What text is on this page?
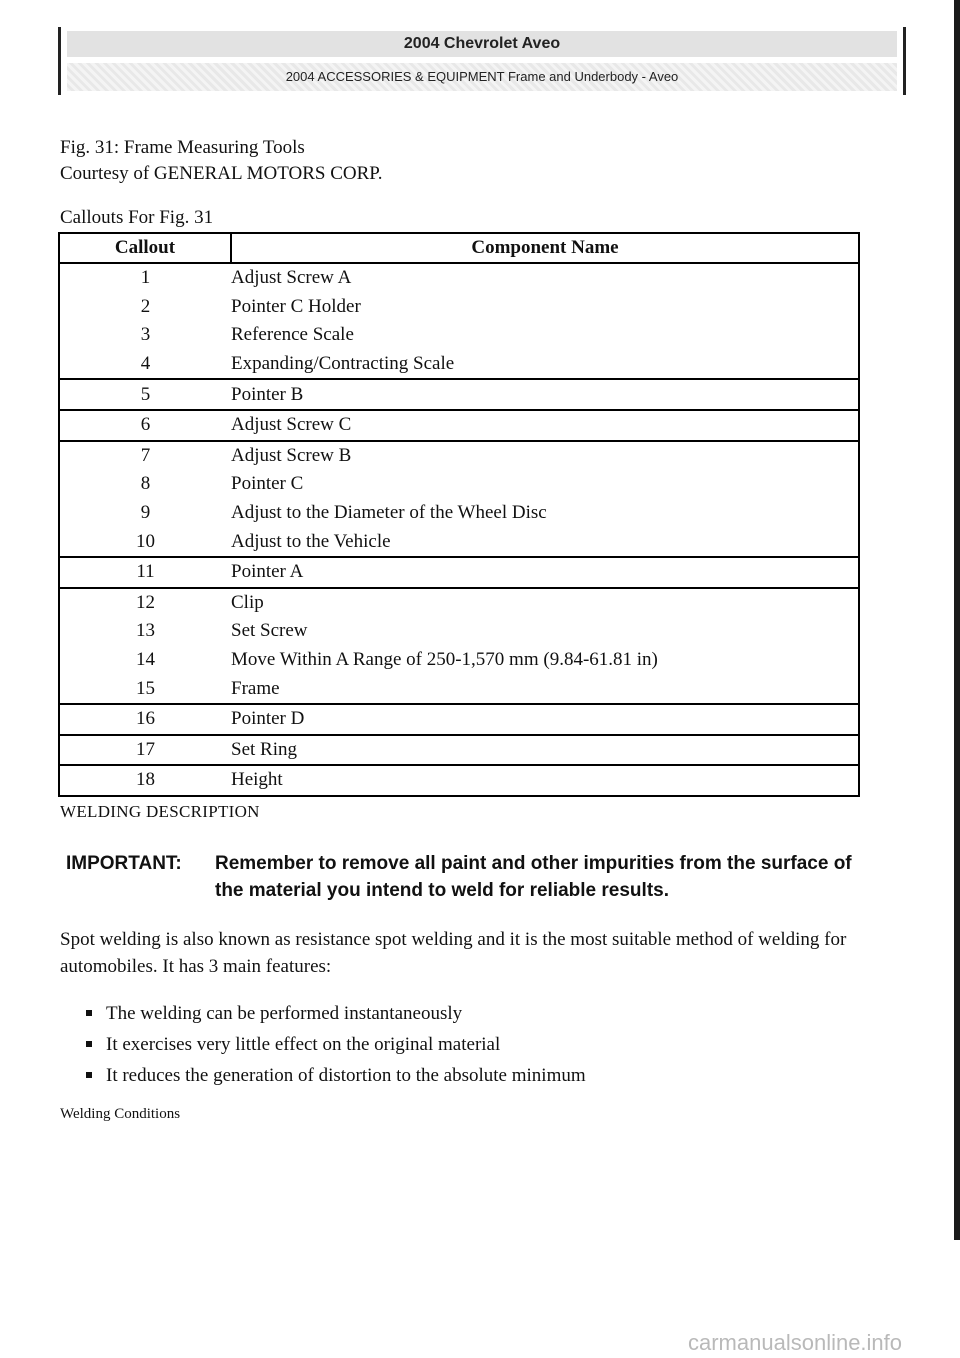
2004 Chevrolet Aveo
2004 ACCESSORIES & EQUIPMENT Frame and Underbody - Aveo
Fig. 31: Frame Measuring Tools
Courtesy of GENERAL MOTORS CORP.
Callouts For Fig. 31
Callout	Component Name
1	Adjust Screw A
2	Pointer C Holder
3	Reference Scale
4	Expanding/Contracting Scale
5	Pointer B
6	Adjust Screw C
7	Adjust Screw B
8	Pointer C
9	Adjust to the Diameter of the Wheel Disc
10	Adjust to the Vehicle
11	Pointer A
12	Clip
13	Set Screw
14	Move Within A Range of 250-1,570 mm (9.84-61.81 in)
15	Frame
16	Pointer D
17	Set Ring
18	Height
WELDING DESCRIPTION
IMPORTANT: Remember to remove all paint and other impurities from the surface of the material you intend to weld for reliable results.
Spot welding is also known as resistance spot welding and it is the most suitable method of welding for automobiles. It has 3 main features:
The welding can be performed instantaneously
It exercises very little effect on the original material
It reduces the generation of distortion to the absolute minimum
Welding Conditions
carmanualsonline.info
